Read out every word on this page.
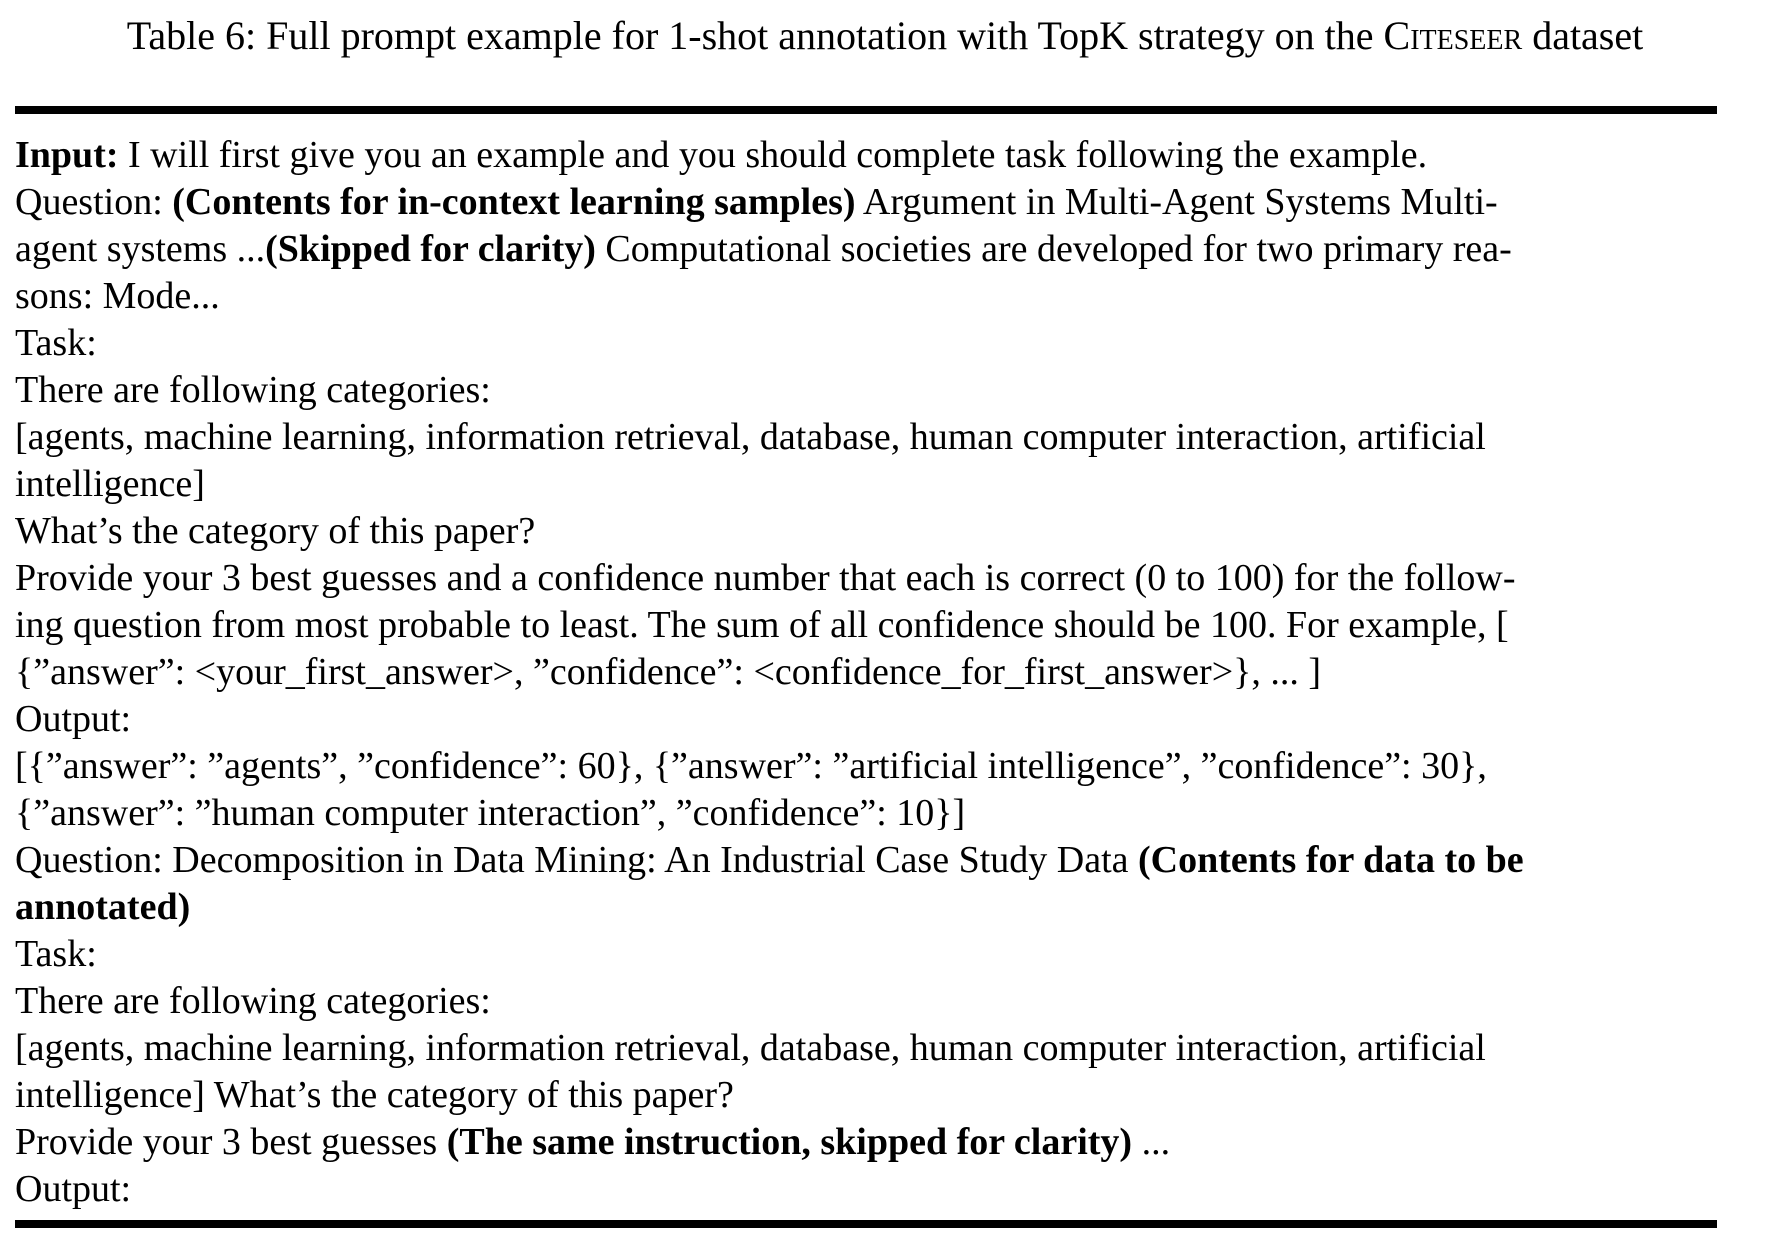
Table 6: Full prompt example for 1-shot annotation with TopK strategy on the Citeseer dataset
Input: I will first give you an example and you should complete task following the example.
Question: (Contents for in-context learning samples) Argument in Multi-Agent Systems Multi-
agent systems ...(Skipped for clarity) Computational societies are developed for two primary rea-
sons: Mode...
Task:
There are following categories:
[agents, machine learning, information retrieval, database, human computer interaction, artificial
intelligence]
What’s the category of this paper?
Provide your 3 best guesses and a confidence number that each is correct (0 to 100) for the follow-
ing question from most probable to least. The sum of all confidence should be 100. For example, [
{”answer”: <your_first_answer>, ”confidence”: <confidence_for_first_answer>}, ... ]
Output:
[{”answer”: ”agents”, ”confidence”: 60}, {”answer”: ”artificial intelligence”, ”confidence”: 30},
{”answer”: ”human computer interaction”, ”confidence”: 10}]
Question: Decomposition in Data Mining: An Industrial Case Study Data (Contents for data to be
annotated)
Task:
There are following categories:
[agents, machine learning, information retrieval, database, human computer interaction, artificial
intelligence] What’s the category of this paper?
Provide your 3 best guesses (The same instruction, skipped for clarity) ...
Output:
